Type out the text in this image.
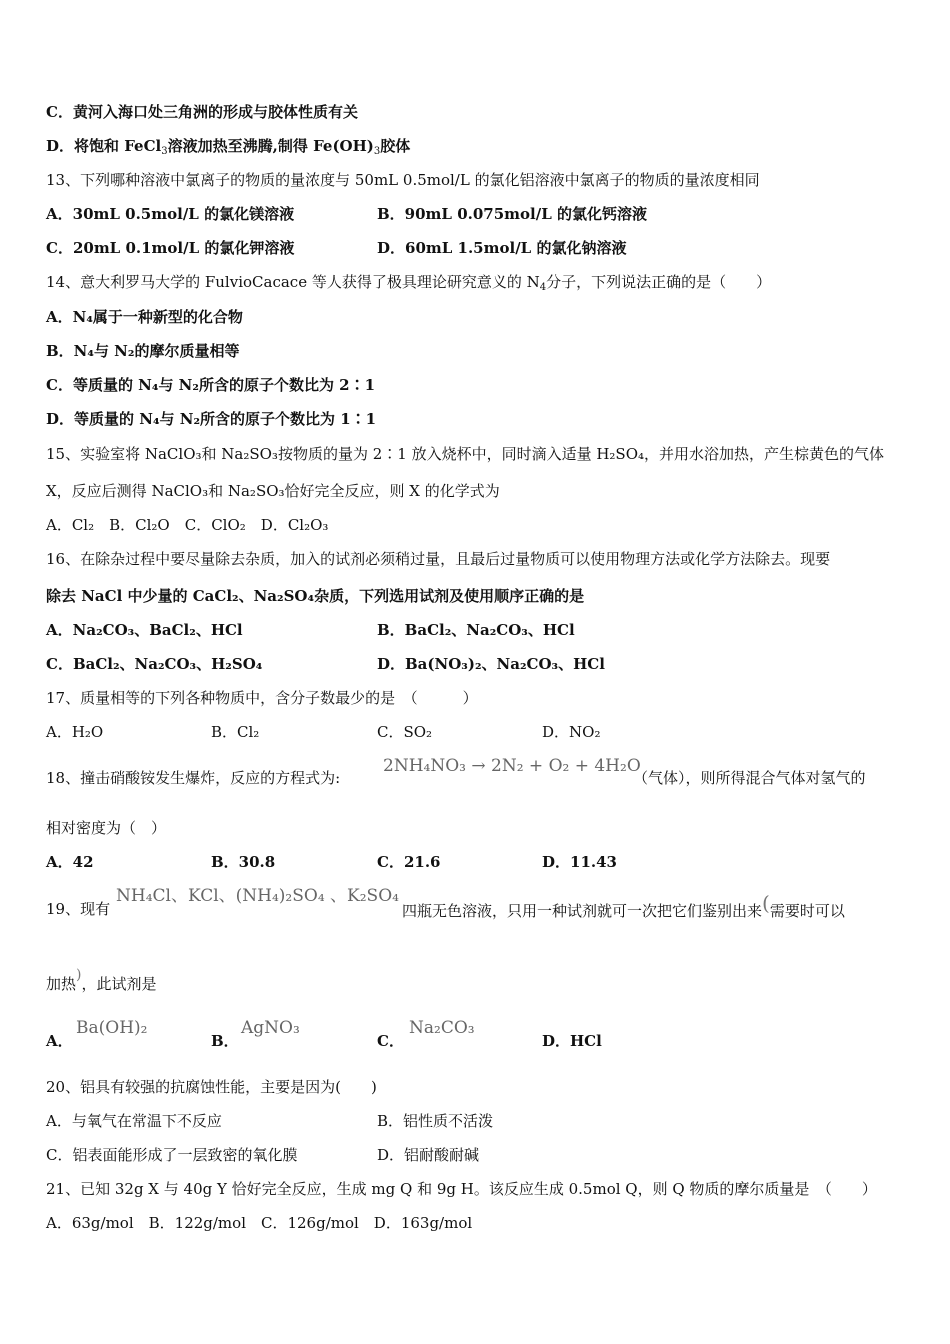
C．黄河入海口处三角洲的形成与胶体性质有关
D．将饱和 FeCl$_3$溶液加热至沸腾,制得 $Fe(OH)_3$胶体
13、下列哪种溶液中氯离子的物质的量浓度与 50mL 0.5mol/L 的氯化铝溶液中氯离子的物质的量浓度相同
A．30mL 0.5mol/L 的氯化镁溶液	B．90mL 0.075mol/L 的氯化钙溶液
C．20mL 0.1mol/L 的氯化钾溶液	D．60mL 1.5mol/L 的氯化钠溶液
14、意大利罗马大学的 FulvioCacace 等人获得了极具理论研究意义的 $N_4$分子，下列说法正确的是（　　）
A．N₄属于一种新型的化合物
B．N₄与 N₂的摩尔质量相等
C．等质量的 N₄与 N₂所含的原子个数比为 2∶1
D．等质量的 N₄与 N₂所含的原子个数比为 1∶1
15、实验室将 NaClO₃和 Na₂SO₃按物质的量为 2∶1 放入烧杯中，同时滴入适量 H₂SO₄，并用水浴加热，产生棕黄色的气体
X，反应后测得 NaClO₃和 Na₂SO₃恰好完全反应，则 X 的化学式为
A．Cl₂　B．Cl₂O　C．ClO₂　D．Cl₂O₃
16、在除杂过程中要尽量除去杂质，加入的试剂必须稍过量，且最后过量物质可以使用物理方法或化学方法除去。现要
除去 NaCl 中少量的 CaCl₂、Na₂SO₄杂质，下列选用试剂及使用顺序正确的是
A．Na₂CO₃、BaCl₂、HCl	B．BaCl₂、Na₂CO₃、HCl
C．BaCl₂、Na₂CO₃、H₂SO₄	D．Ba(NO₃)₂、Na₂CO₃、HCl
17、质量相等的下列各种物质中，含分子数最少的是　（　　　）
A．H₂O	B．Cl₂	C．SO₂	D．NO₂
18、撞击硝酸铵发生爆炸，反应的方程式为:
2NH₄NO₃ → 2N₂ + O₂ + 4H₂O
（气体），则所得混合气体对氢气的
相对密度为（　）
A．42	B．30.8	C．21.6	D．11.43
19、现有
NH₄Cl、KCl、(NH₄)₂SO₄ 、K₂SO₄
四瓶无色溶液，只用一种试剂就可一次把它们鉴别出来(需要时可以
加热)，此试剂是
A．
Ba(OH)₂
B．
AgNO₃
C．
Na₂CO₃
D．HCl
20、铝具有较强的抗腐蚀性能，主要是因为(　　)
A．与氧气在常温下不反应	B．铝性质不活泼
C．铝表面能形成了一层致密的氧化膜	D．铝耐酸耐碱
21、已知 32g X 与 40g Y 恰好完全反应，生成 mg Q 和 9g H。该反应生成 0.5mol Q，则 Q 物质的摩尔质量是　（　　）
A．63g/mol　B．122g/mol　C．126g/mol　D．163g/mol
